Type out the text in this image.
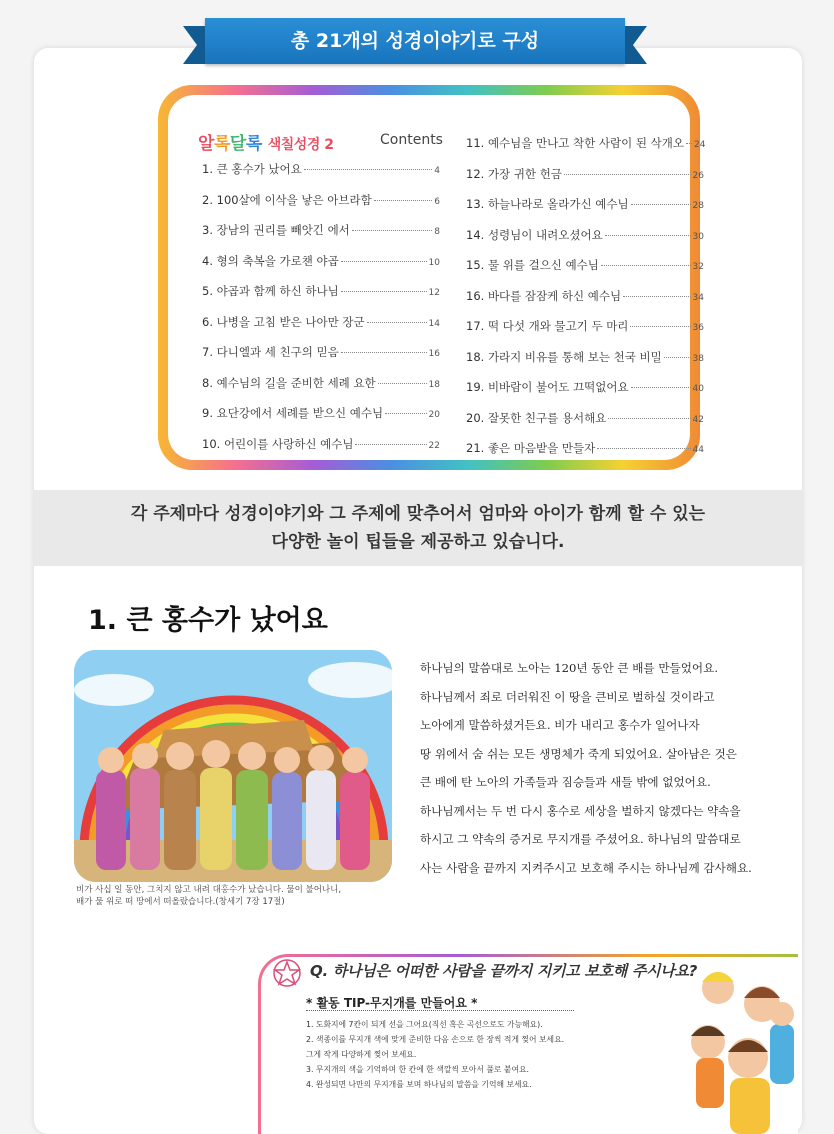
총 21개의 성경이야기로 구성
알록달록 색칠성경 2	Contents
1. 큰 홍수가 났어요	4
2. 100살에 이삭을 낳은 아브라함	6
3. 장남의 권리를 빼앗긴 에서	8
4. 형의 축복을 가로챈 야곱	10
5. 야곱과 함께 하신 하나님	12
6. 나병을 고침 받은 나아만 장군	14
7. 다니엘과 세 친구의 믿음	16
8. 예수님의 길을 준비한 세례 요한	18
9. 요단강에서 세례를 받으신 예수님	20
10. 어린이를 사랑하신 예수님	22
11. 예수님을 만나고 착한 사람이 된 삭개오 24
12. 가장 귀한 헌금	26
13. 하늘나라로 올라가신 예수님	28
14. 성령님이 내려오셨어요	30
15. 물 위를 걸으신 예수님	32
16. 바다를 잠잠케 하신 예수님	34
17. 떡 다섯 개와 물고기 두 마리	36
18. 가라지 비유를 통해 보는 천국 비밀	38
19. 비바람이 불어도 끄떡없어요	40
20. 잘못한 친구를 용서해요	42
21. 좋은 마음밭을 만들자	44
각 주제마다 성경이야기와 그 주제에 맞추어서 엄마와 아이가 함께 할 수 있는
다양한 놀이 팁들을 제공하고 있습니다.
1. 큰 홍수가 났어요
비가 사십 일 동안, 그치지 않고 내려 대홍수가 났습니다. 물이 불어나니,
배가 물 위로 떠 땅에서 떠올랐습니다.(창세기 7장 17절)
하나님의 말씀대로 노아는 120년 동안 큰 배를 만들었어요.
하나님께서 죄로 더러워진 이 땅을 큰비로 벌하실 것이라고
노아에게 말씀하셨거든요. 비가 내리고 홍수가 일어나자
땅 위에서 숨 쉬는 모든 생명체가 죽게 되었어요. 살아남은 것은
큰 배에 탄 노아의 가족들과 짐승들과 새들 밖에 없었어요.
하나님께서는 두 번 다시 홍수로 세상을 벌하지 않겠다는 약속을
하시고 그 약속의 증거로 무지개를 주셨어요. 하나님의 말씀대로
사는 사람을 끝까지 지켜주시고 보호해 주시는 하나님께 감사해요.
Q. 하나님은 어떠한 사람을 끝까지 지키고 보호해 주시나요?
* 활동 TIP-무지개를 만들어요 *
1. 도화지에 7칸이 되게 선을 그어요(직선 혹은 곡선으로도 가능해요).
2. 색종이를 무지개 색에 맞게 준비한 다음 손으로 한 장씩 적게 찢어 보세요.
그게 작게 다양하게 찢어 보세요.
3. 무지개의 색을 기억하며 한 칸에 한 색깔씩 모아서 풀로 붙여요.
4. 완성되면 나만의 무지개를 보며 하나님의 말씀을 기억해 보세요.
